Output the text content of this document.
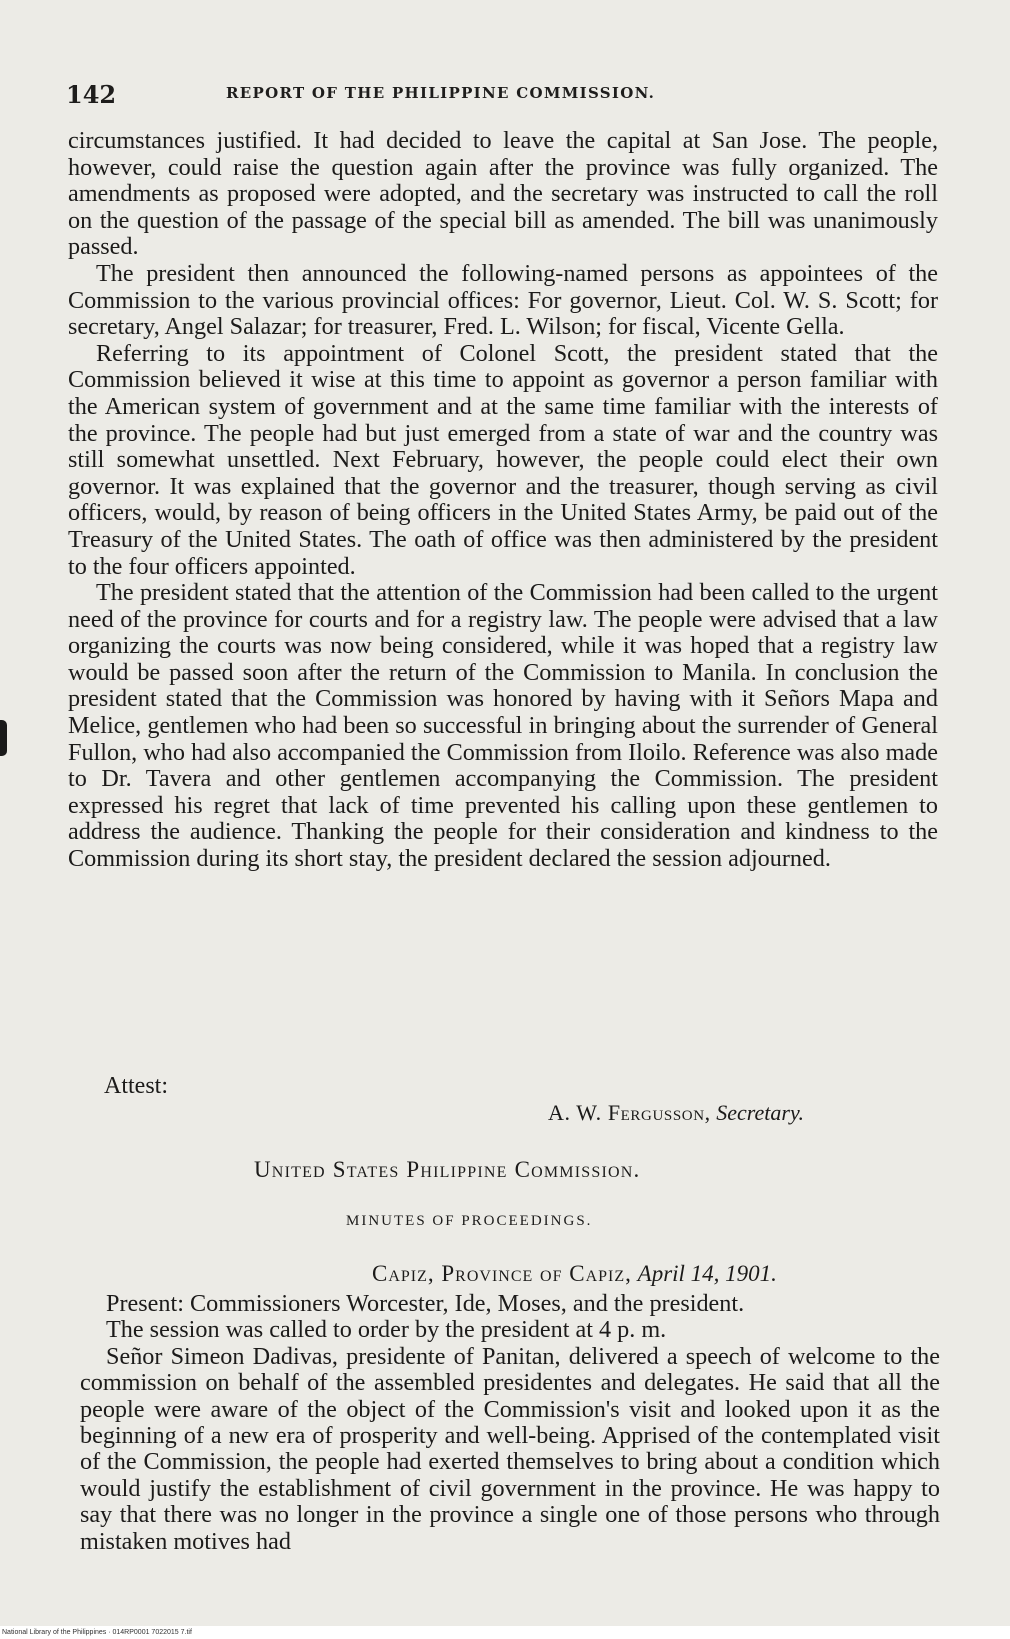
142	REPORT OF THE PHILIPPINE COMMISSION.

circumstances justified. It had decided to leave the capital at San Jose. The people, however, could raise the question again after the province was fully organized. The amendments as proposed were adopted, and the secretary was instructed to call the roll on the question of the passage of the special bill as amended. The bill was unanimously passed.

The president then announced the following-named persons as appointees of the Commission to the various provincial offices: For governor, Lieut. Col. W. S. Scott; for secretary, Angel Salazar; for treasurer, Fred. L. Wilson; for fiscal, Vicente Gella.

Referring to its appointment of Colonel Scott, the president stated that the Commission believed it wise at this time to appoint as governor a person familiar with the American system of government and at the same time familiar with the interests of the province. The people had but just emerged from a state of war and the country was still somewhat unsettled. Next February, however, the people could elect their own governor. It was explained that the governor and the treasurer, though serving as civil officers, would, by reason of being officers in the United States Army, be paid out of the Treasury of the United States. The oath of office was then administered by the president to the four officers appointed.

The president stated that the attention of the Commission had been called to the urgent need of the province for courts and for a registry law. The people were advised that a law organizing the courts was now being considered, while it was hoped that a registry law would be passed soon after the return of the Commission to Manila. In conclusion the president stated that the Commission was honored by having with it Señors Mapa and Melice, gentlemen who had been so successful in bringing about the surrender of General Fullon, who had also accompanied the Commission from Iloilo. Reference was also made to Dr. Tavera and other gentlemen accompanying the Commission. The president expressed his regret that lack of time prevented his calling upon these gentlemen to address the audience. Thanking the people for their consideration and kindness to the Commission during its short stay, the president declared the session adjourned.

Attest:
A. W. Fergusson, Secretary.
United States Philippine Commission.
MINUTES OF PROCEEDINGS.
Capiz, Province of Capiz, April 14, 1901.

Present: Commissioners Worcester, Ide, Moses, and the president.

The session was called to order by the president at 4 p. m.

Señor Simeon Dadivas, presidente of Panitan, delivered a speech of welcome to the commission on behalf of the assembled presidentes and delegates. He said that all the people were aware of the object of the Commission's visit and looked upon it as the beginning of a new era of prosperity and well-being. Apprised of the contemplated visit of the Commission, the people had exerted themselves to bring about a condition which would justify the establishment of civil government in the province. He was happy to say that there was no longer in the province a single one of those persons who through mistaken motives had

National Library of the Philippines · 014RP0001 7022015 7.tif
